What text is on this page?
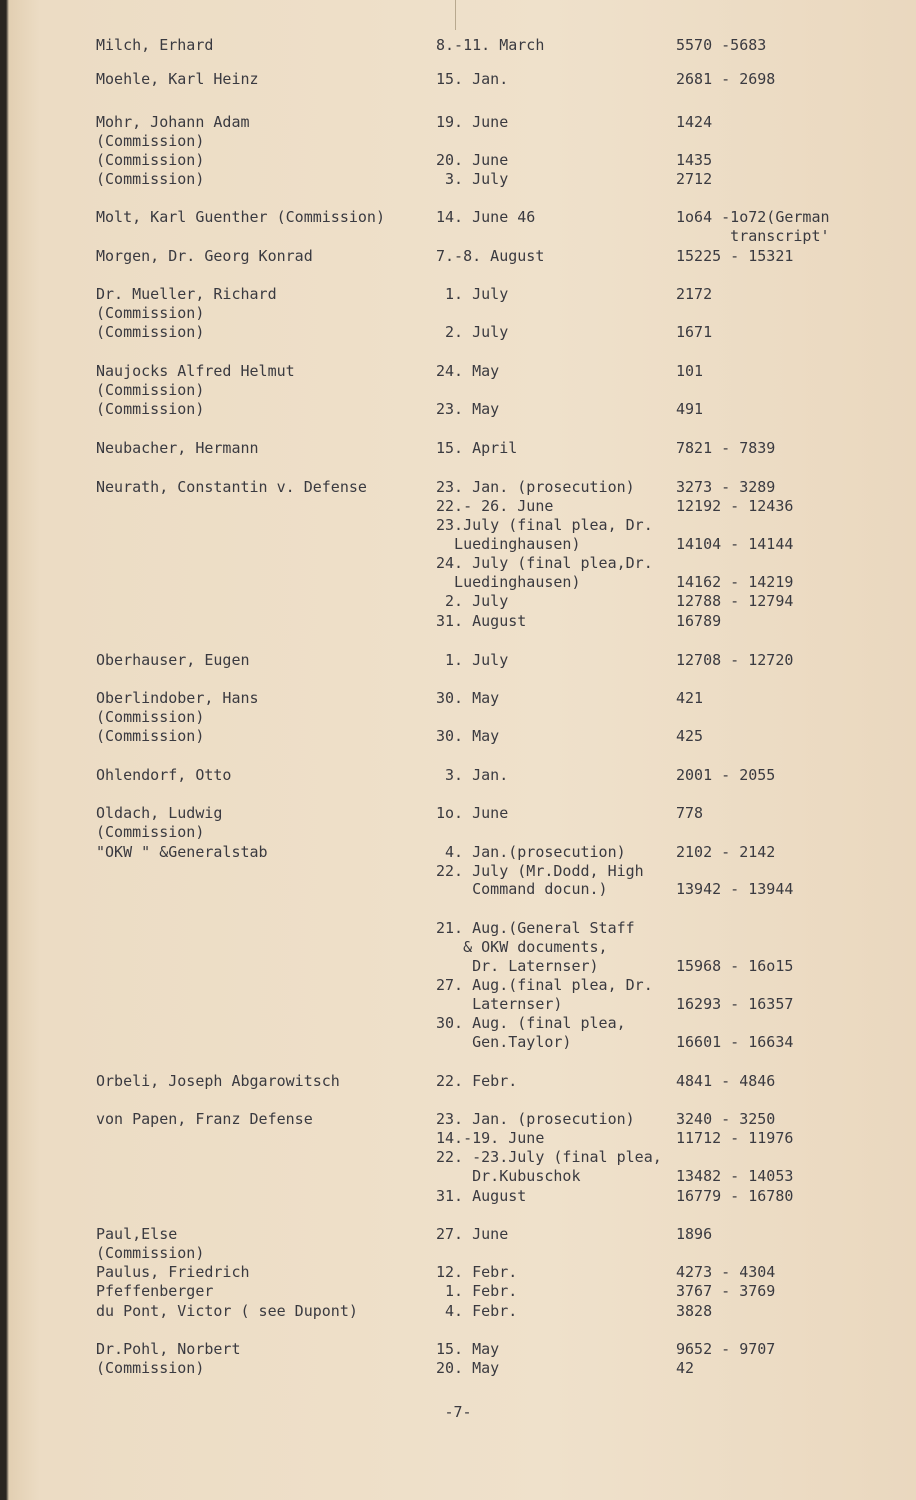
Milch, Erhard	8.-11. March	5570 -5683
Moehle, Karl Heinz	15. Jan.	2681 - 2698
Mohr, Johann Adam	19. June	1424
(Commission)
(Commission)	20. June	1435
(Commission)	3. July	2712
Molt, Karl Guenther (Commission)	14. June 46	1o64 -1o72(German
transcript'
Morgen, Dr. Georg Konrad	7.-8. August	15225 - 15321
Dr. Mueller, Richard	1. July	2172
(Commission)
(Commission)	2. July	1671
Naujocks Alfred Helmut	24. May	101
(Commission)
(Commission)	23. May	491
Neubacher, Hermann	15. April	7821 - 7839
Neurath, Constantin v. Defense	23. Jan. (prosecution)	3273 - 3289
22.- 26. June	12192 - 12436
23.July (final plea, Dr.
Luedinghausen)	14104 - 14144
24. July (final plea,Dr.
Luedinghausen)	14162 - 14219
2. July	12788 - 12794
31. August	16789
Oberhauser, Eugen	1. July	12708 - 12720
Oberlindober, Hans	30. May	421
(Commission)
(Commission)	30. May	425
Ohlendorf, Otto	3. Jan.	2001 - 2055
Oldach, Ludwig	1o. June	778
(Commission)
"OKW " &Generalstab	4. Jan.(prosecution)	2102 - 2142
22. July (Mr.Dodd, High
Command docun.)	13942 - 13944
21. Aug.(General Staff
& OKW documents,
Dr. Laternser)	15968 - 16o15
27. Aug.(final plea, Dr.
Laternser)	16293 - 16357
30. Aug. (final plea,
Gen.Taylor)	16601 - 16634
Orbeli, Joseph Abgarowitsch	22. Febr.	4841 - 4846
von Papen, Franz Defense	23. Jan. (prosecution)	3240 - 3250
14.-19. June	11712 - 11976
22. -23.July (final plea,
Dr.Kubuschok	13482 - 14053
31. August	16779 - 16780
Paul,Else	27. June	1896
(Commission)
Paulus, Friedrich	12. Febr.	4273 - 4304
Pfeffenberger	1. Febr.	3767 - 3769
du Pont, Victor ( see Dupont)	4. Febr.	3828
Dr.Pohl, Norbert	15. May	9652 - 9707
(Commission)	20. May	42
-7-
